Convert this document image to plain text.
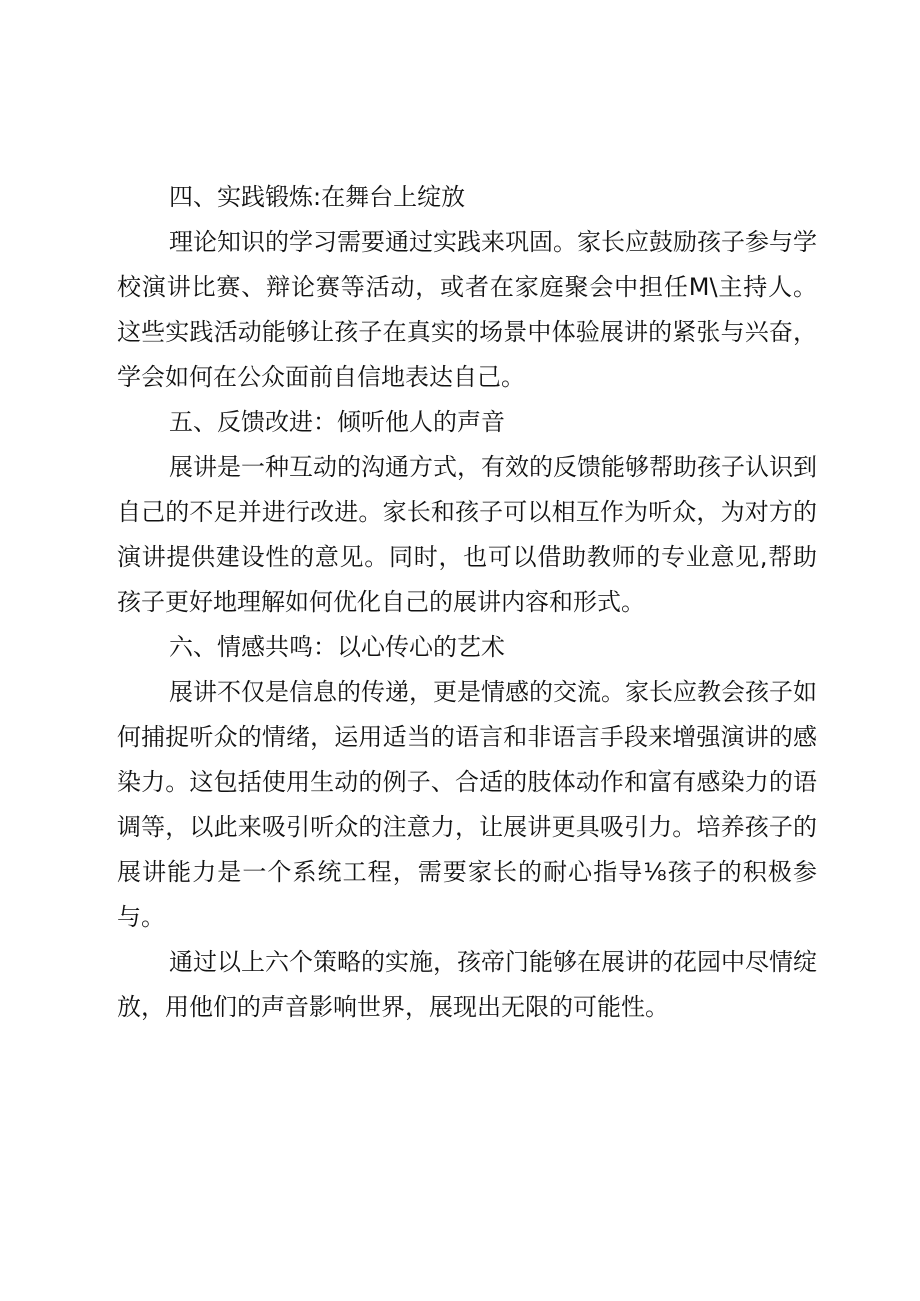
四、实践锻炼:在舞台上绽放

理论知识的学习需要通过实践来巩固。家长应鼓励孩子参与学校演讲比赛、辩论赛等活动，或者在家庭聚会中担任M\主持人。这些实践活动能够让孩子在真实的场景中体验展讲的紧张与兴奋，学会如何在公众面前自信地表达自己。

五、反馈改进：倾听他人的声音

展讲是一种互动的沟通方式，有效的反馈能够帮助孩子认识到自己的不足并进行改进。家长和孩子可以相互作为听众，为对方的演讲提供建设性的意见。同时，也可以借助教师的专业意见,帮助孩子更好地理解如何优化自己的展讲内容和形式。

六、情感共鸣：以心传心的艺术

展讲不仅是信息的传递，更是情感的交流。家长应教会孩子如何捕捉听众的情绪，运用适当的语言和非语言手段来增强演讲的感染力。这包括使用生动的例子、合适的肢体动作和富有感染力的语调等，以此来吸引听众的注意力，让展讲更具吸引力。培养孩子的展讲能力是一个系统工程，需要家长的耐心指导⅛孩子的积极参与。

通过以上六个策略的实施，孩帝门能够在展讲的花园中尽情绽放，用他们的声音影响世界，展现出无限的可能性。
